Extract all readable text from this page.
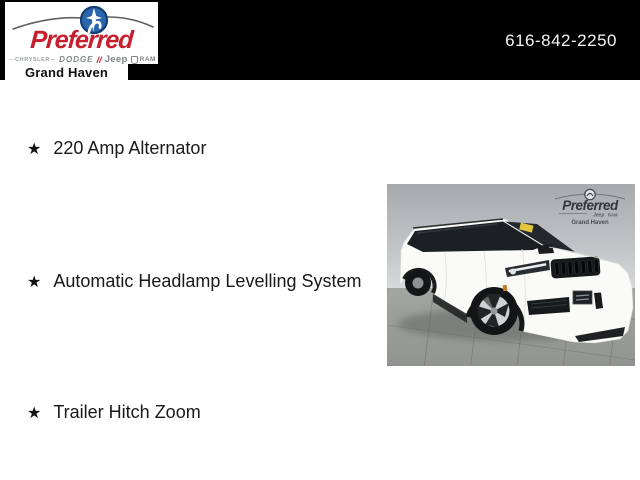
Preferred
— CHRYSLER —	DODGE // Jeep RAM
Grand Haven
616-842-2250
★ 220 Amp Alternator
★ Automatic Headlamp Levelling System
★ Trailer Hitch Zoom
Preferred
Jeep RAM
Grand Haven
